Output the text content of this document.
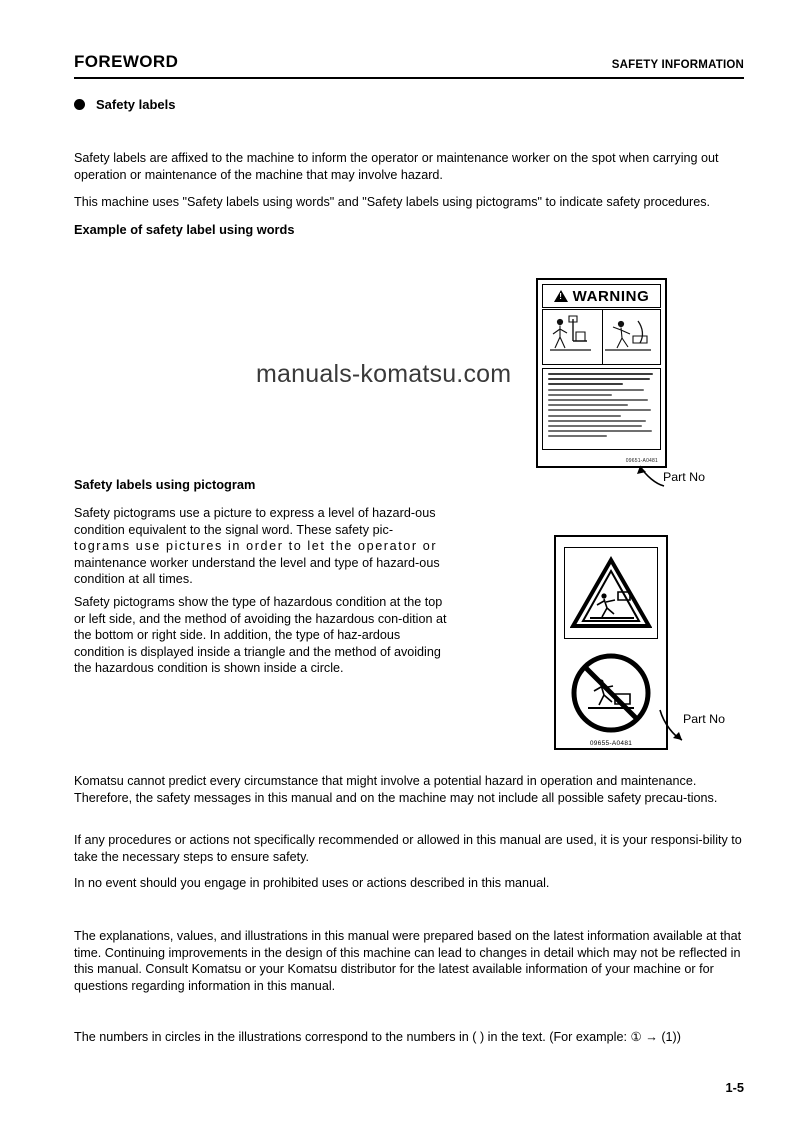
FOREWORD	SAFETY INFORMATION
Safety labels
Safety labels are affixed to the machine to inform the operator or maintenance worker on the spot when carrying out operation or maintenance of the machine that may involve hazard.
This machine uses "Safety labels using words" and "Safety labels using pictograms" to indicate safety procedures.
Example of safety label using words
Safety labels using pictogram
Safety pictograms use a picture to express a level of hazard-ous condition equivalent to the signal word. These safety pic- tograms use pictures in order to let the operator or maintenance worker understand the level and type of hazard-ous condition at all times.
Safety pictograms show the type of hazardous condition at the top or left side, and the method of avoiding the hazardous con-dition at the bottom or right side. In addition, the type of haz-ardous condition is displayed inside a triangle and the method of avoiding the hazardous condition is shown inside a circle.
Komatsu cannot predict every circumstance that might involve a potential hazard in operation and maintenance. Therefore, the safety messages in this manual and on the machine may not include all possible safety precau-tions.
If any procedures or actions not specifically recommended or allowed in this manual are used, it is your responsi-bility to take the necessary steps to ensure safety.
In no event should you engage in prohibited uses or actions described in this manual.
The explanations, values, and illustrations in this manual were prepared based on the latest information available at that time. Continuing improvements in the design of this machine can lead to changes in detail which may not be reflected in this manual. Consult Komatsu or your Komatsu distributor for the latest available information of your machine or for questions regarding information in this manual.
The numbers in circles in the illustrations correspond to the numbers in ( ) in the text. (For example: ① → (1))
manuals-komatsu.com
!
WARNING
09651-A0481
Part No
09655-A0481
Part No
1-5
